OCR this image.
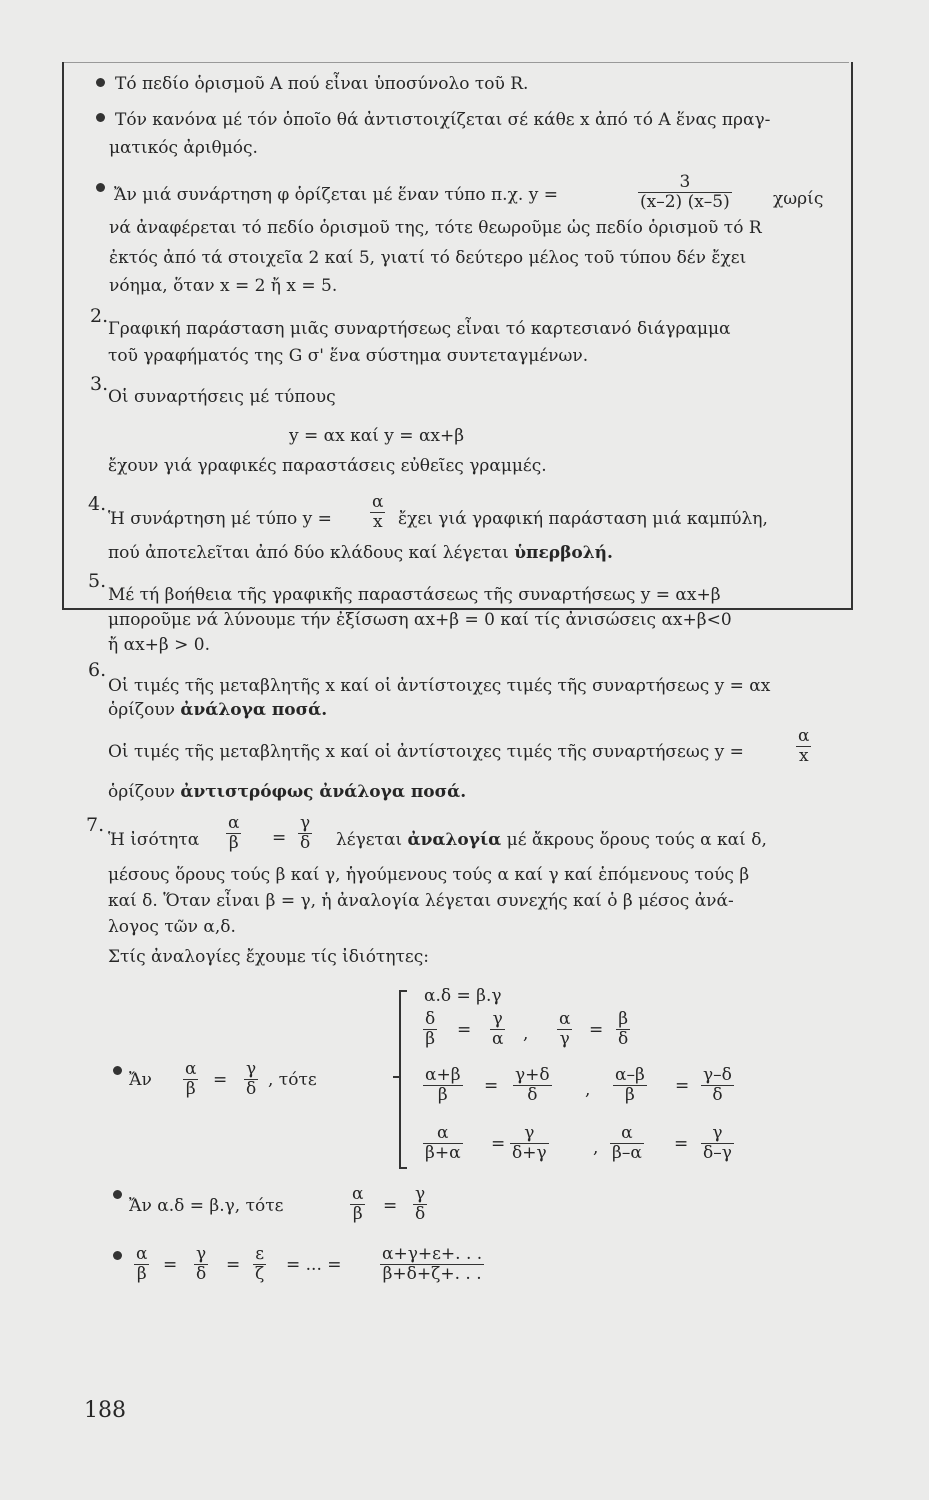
Τό πεδίο ὁρισμοῦ A πού εἶναι ὑποσύνολο τοῦ R.
Τόν κανόνα μέ τόν ὁποῖο θά ἀντιστοιχίζεται σέ κάθε x ἀπό τό A ἕνας πραγ-
ματικός ἀριθμός.
Ἄν μιά συνάρτηση φ ὁρίζεται μέ ἕναν τύπο π.χ. y =	$\frac{3}{(x-2) (x-5)}$ χωρίς
νά ἀναφέρεται τό πεδίο ὁρισμοῦ της, τότε θεωροῦμε ὡς πεδίο ὁρισμοῦ τό R
ἐκτός ἀπό τά στοιχεῖα 2 καί 5, γιατί τό δεύτερο μέλος τοῦ τύπου δέν ἔχει
νόημα, ὅταν x = 2 ἤ x = 5.
2.
Γραφική παράσταση μιᾶς συναρτήσεως εἶναι τό καρτεσιανό διάγραμμα
τοῦ γραφήματός της G σ' ἕνα σύστημα συντεταγμένων.
3.
Οἱ συναρτήσεις μέ τύπους
y = αx καί y = αx+β
ἔχουν γιά γραφικές παραστάσεις εὐθεῖες γραμμές.
4.
Ἡ συνάρτηση μέ τύπο $y = \frac{\alpha}{x}$ ἔχει γιά γραφική παράσταση μιά καμπύλη,
πού ἀποτελεῖται ἀπό δύο κλάδους καί λέγεται ὑπερβολή.
5.
Μέ τή βοήθεια τῆς γραφικῆς παραστάσεως τῆς συναρτήσεως y = αx+β
μποροῦμε νά λύνουμε τήν ἐξίσωση αx+β = 0 καί τίς ἀνισώσεις αx+β<0
ἤ αx+β > 0.
6.
Οἱ τιμές τῆς μεταβλητῆς x καί οἱ ἀντίστοιχες τιμές τῆς συναρτήσεως y = αx
ὁρίζουν ἀνάλογα ποσά.
Οἱ τιμές τῆς μεταβλητῆς x καί οἱ ἀντίστοιχες τιμές τῆς συναρτήσεως y =	$\frac{\alpha}{x}$
ὁρίζουν ἀντιστρόφως ἀνάλογα ποσά.
7.
Ἡ ἰσότητα $\frac{\alpha}{\beta} = \frac{\gamma}{\delta}$ λέγεται ἀναλογία μέ ἄκρους ὅρους τούς α καί δ,
μέσους ὅρους τούς β καί γ, ἡγούμενους τούς α καί γ καί ἑπόμενους τούς β
καί δ. Ὅταν εἶναι β = γ, ἡ ἀναλογία λέγεται συνεχής καί ὁ β μέσος ἀνά-
λογος τῶν α,δ.
Στίς ἀναλογίες ἔχουμε τίς ἰδιότητες:
Ἄν $\frac{\alpha}{\beta} = \frac{\gamma}{\delta}$ , τότε
α.δ = β.γ
$\frac{\delta}{\beta} = \frac{\gamma}{\alpha}$ , $\frac{\alpha}{\gamma} = \frac{\beta}{\delta}$
$\frac{\alpha+\beta}{\beta} = \frac{\gamma+\delta}{\delta}$ , $\frac{\alpha-\beta}{\beta} = \frac{\gamma-\delta}{\delta}$
$\frac{\alpha}{\beta+\alpha} = \frac{\gamma}{\delta+\gamma}$	, $\frac{\alpha}{\beta-\alpha} = \frac{\gamma}{\delta-\gamma}$
Ἄν α.δ = β.γ, τότε	$\frac{\alpha}{\beta} = \frac{\gamma}{\delta}$
$\frac{\alpha}{\beta} = \frac{\gamma}{\delta} = \frac{\varepsilon}{\zeta}$ = ... = $\frac{\alpha+\gamma+\varepsilon+. . .}{\beta+\delta+\zeta+. . .}$
188
